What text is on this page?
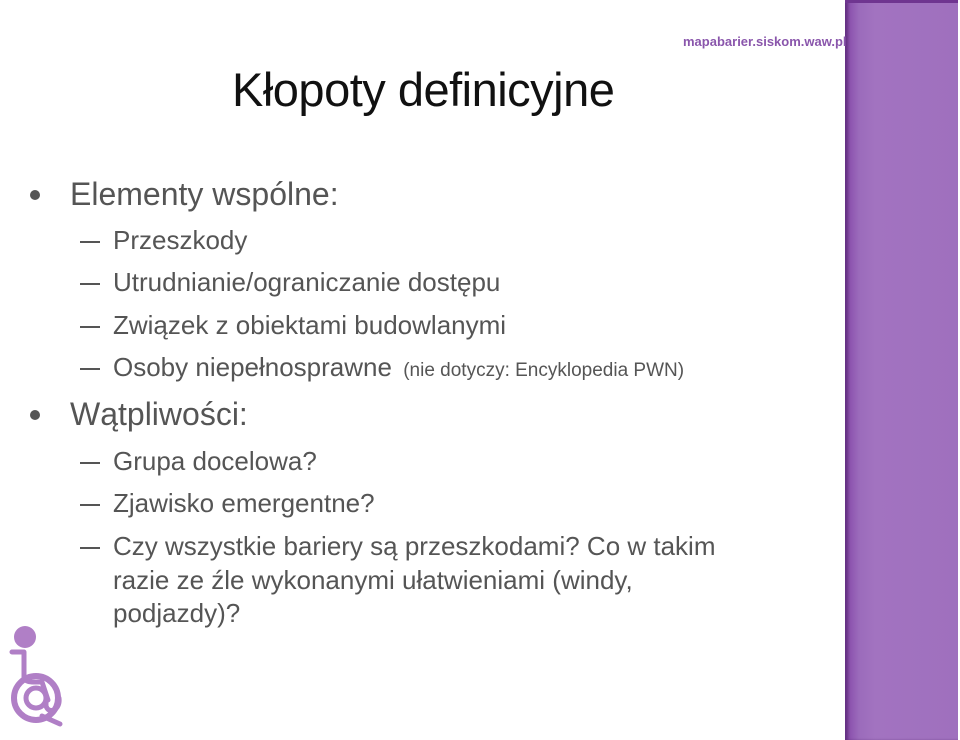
mapabarier.siskom.waw.pl
Kłopoty definicyjne
Elementy wspólne:
Przeszkody
Utrudnianie/ograniczanie dostępu
Związek z obiektami budowlanymi
Osoby niepełnosprawne (nie dotyczy: Encyklopedia PWN)
Wątpliwości:
Grupa docelowa?
Zjawisko emergentne?
Czy wszystkie bariery są przeszkodami? Co w takim
razie ze źle wykonanymi ułatwieniami (windy,
podjazdy)?
